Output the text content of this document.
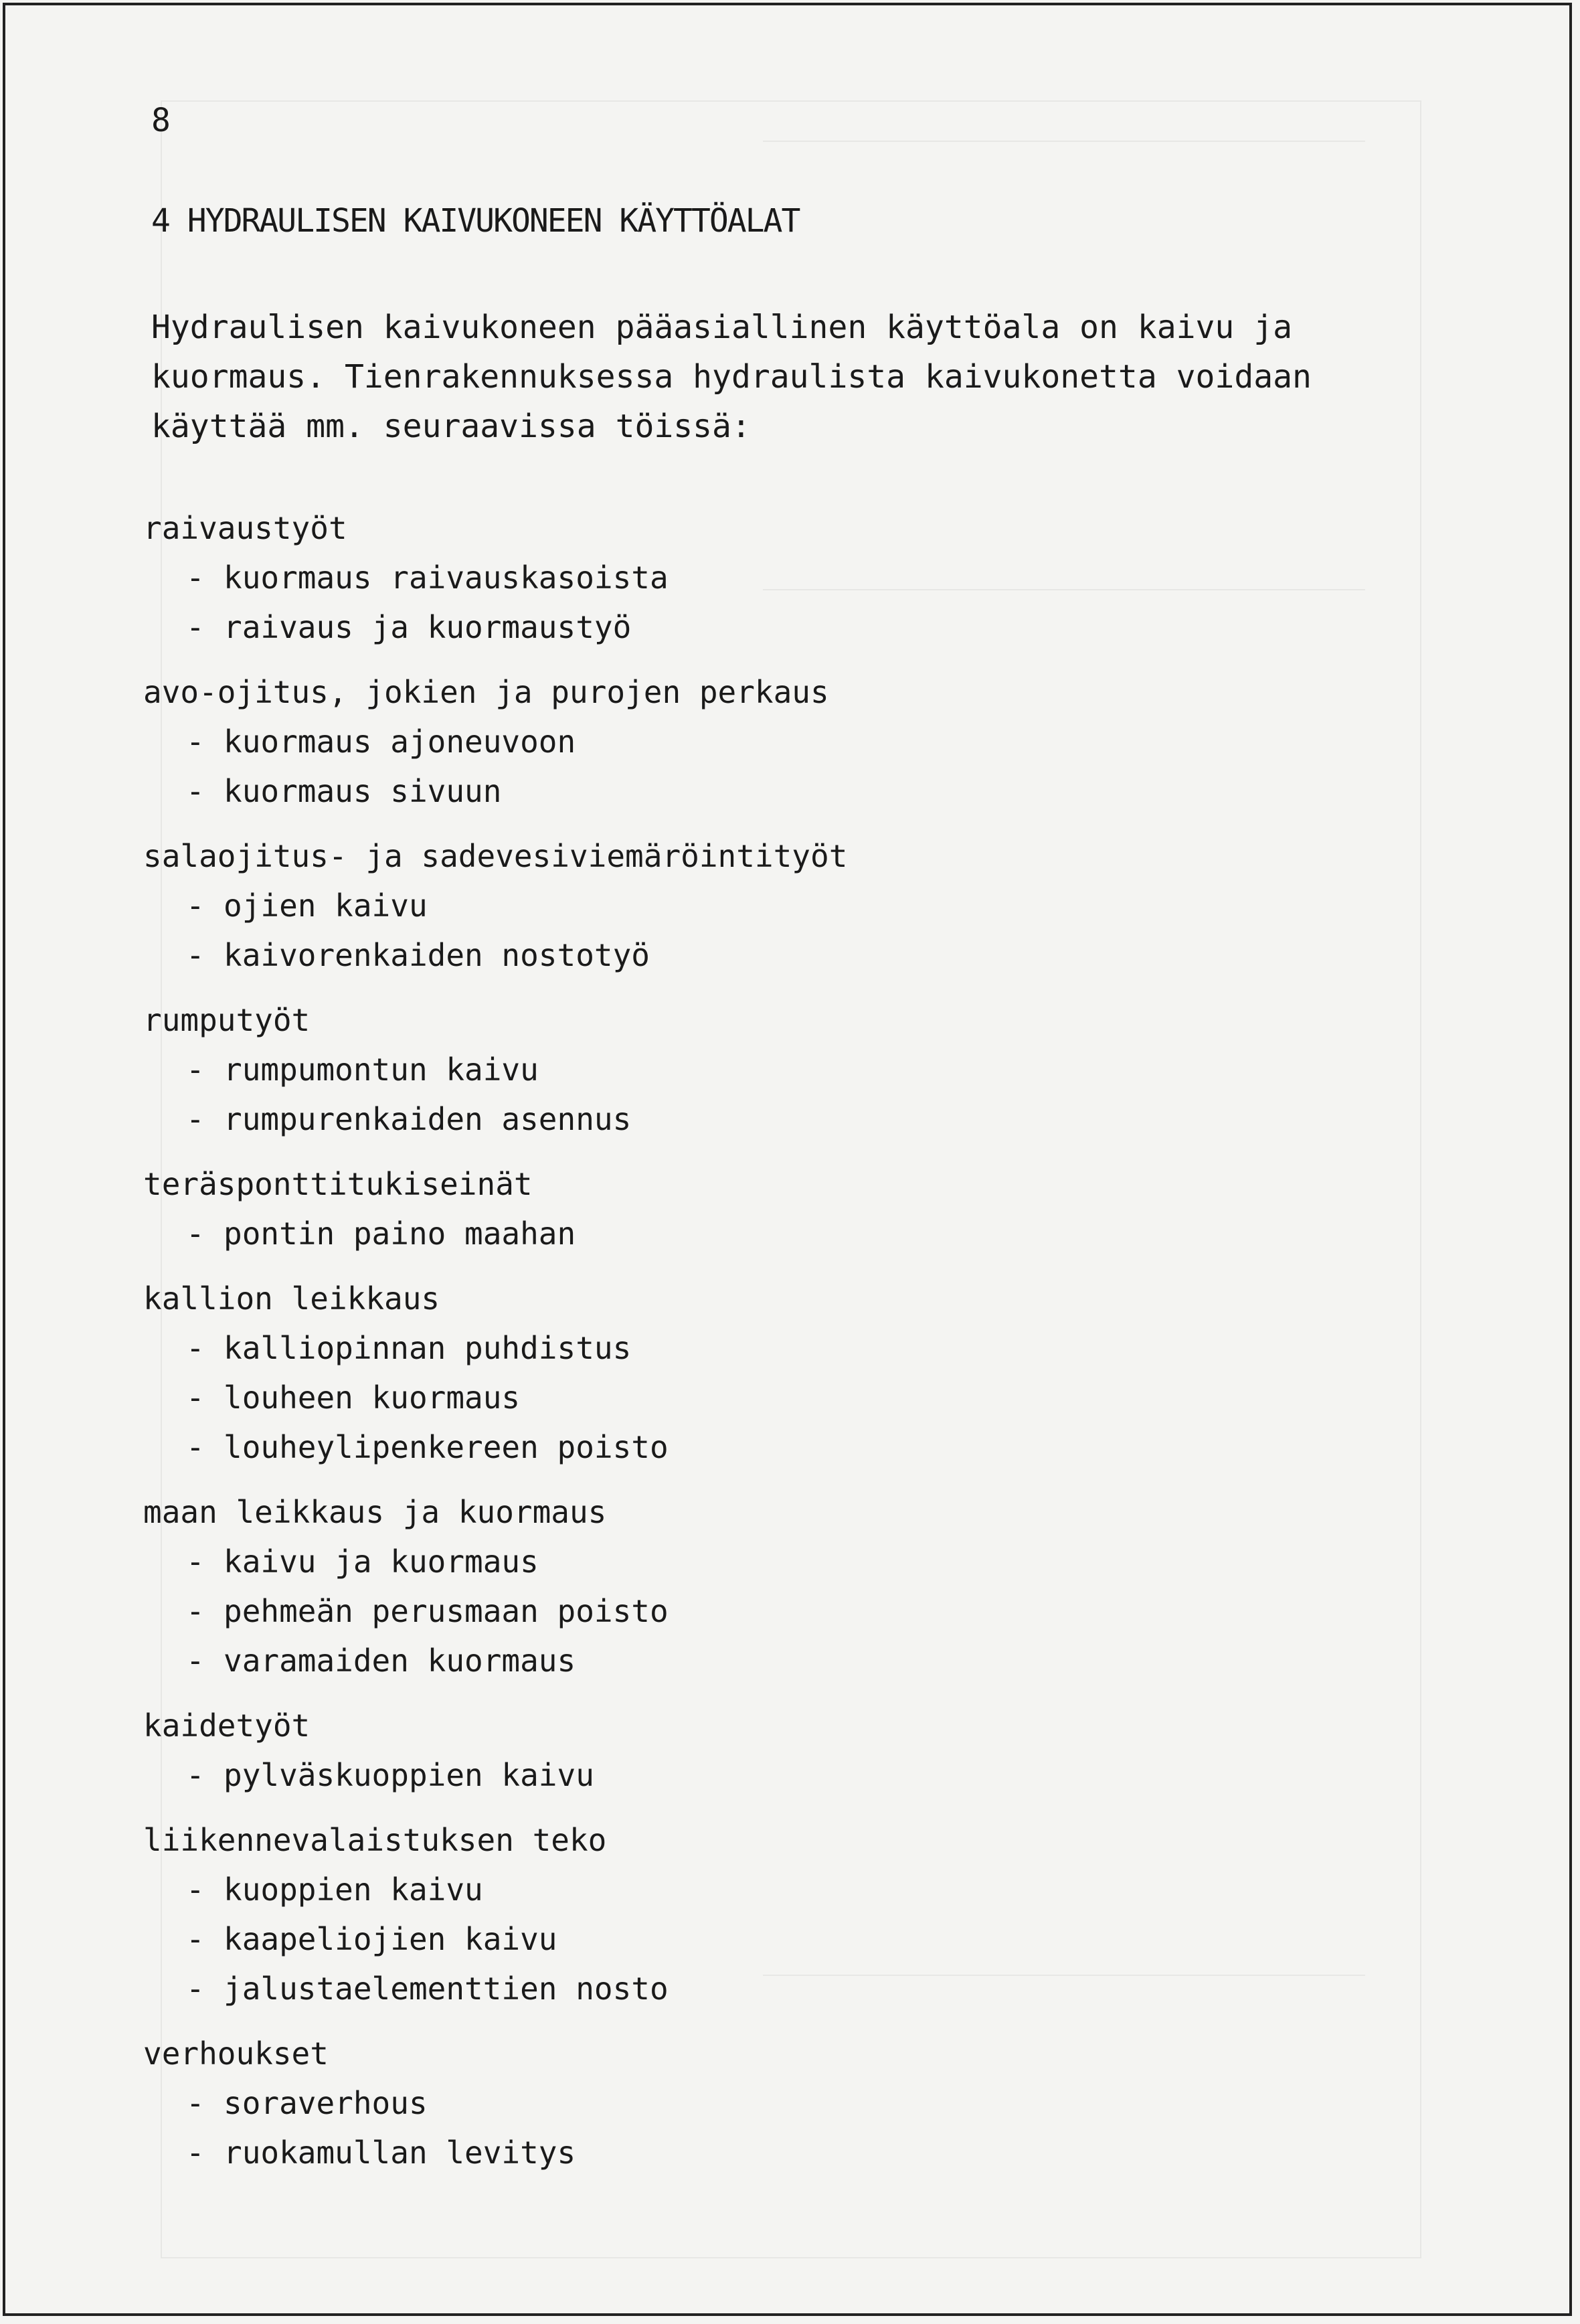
8
4 HYDRAULISEN KAIVUKONEEN KÄYTTÖALAT

Hydraulisen kaivukoneen pääasiallinen käyttöala on kaivu ja
kuormaus. Tienrakennuksessa hydraulista kaivukonetta voidaan
käyttää mm. seuraavissa töissä:

raivaustyöt
- kuormaus raivauskasoista
- raivaus ja kuormaustyö
avo-ojitus, jokien ja purojen perkaus
- kuormaus ajoneuvoon
- kuormaus sivuun
salaojitus- ja sadevesiviemäröintityöt
- ojien kaivu
- kaivorenkaiden nostotyö
rumputyöt
- rumpumontun kaivu
- rumpurenkaiden asennus
teräsponttitukiseinät
- pontin paino maahan
kallion leikkaus
- kalliopinnan puhdistus
- louheen kuormaus
- louheylipenkereen poisto
maan leikkaus ja kuormaus
- kaivu ja kuormaus
- pehmeän perusmaan poisto
- varamaiden kuormaus
kaidetyöt
- pylväskuoppien kaivu
liikennevalaistuksen teko
- kuoppien kaivu
- kaapeliojien kaivu
- jalustaelementtien nosto
verhoukset
- soraverhous
- ruokamullan levitys
